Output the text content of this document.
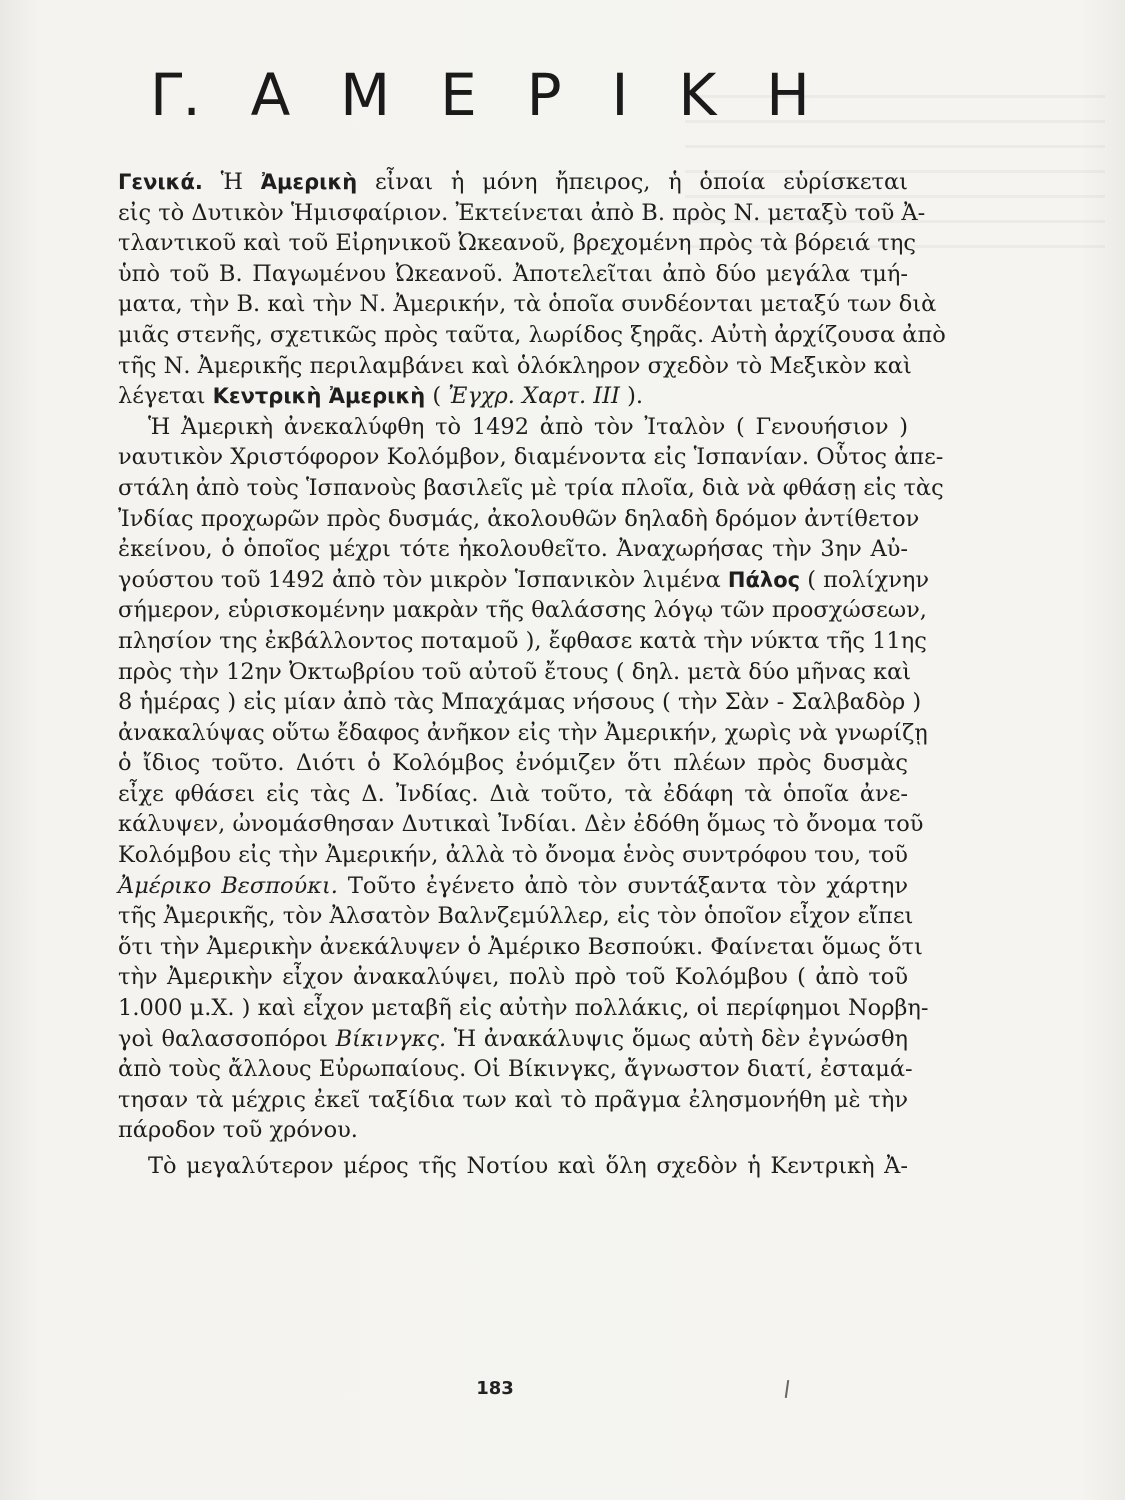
Γ. Α Μ Ε Ρ Ι Κ Η
Γενικά. Ἡ Ἀμερικὴ εἶναι ἡ μόνη ἤπειρος, ἡ ὁποία εὑρίσκεται
εἰς τὸ Δυτικὸν Ἡμισφαίριον. Ἐκτείνεται ἀπὸ Β. πρὸς Ν. μεταξὺ τοῦ Ἀ-
τλαντικοῦ καὶ τοῦ Εἰρηνικοῦ Ὠκεανοῦ, βρεχομένη πρὸς τὰ βόρειά της
ὑπὸ τοῦ Β. Παγωμένου Ὠκεανοῦ. Ἀποτελεῖται ἀπὸ δύο μεγάλα τμή-
ματα, τὴν Β. καὶ τὴν Ν. Ἀμερικήν, τὰ ὁποῖα συνδέονται μεταξύ των διὰ
μιᾶς στενῆς, σχετικῶς πρὸς ταῦτα, λωρίδος ξηρᾶς. Αὐτὴ ἀρχίζουσα ἀπὸ
τῆς Ν. Ἀμερικῆς περιλαμβάνει καὶ ὁλόκληρον σχεδὸν τὸ Μεξικὸν καὶ
λέγεται Κεντρικὴ Ἀμερικὴ ( Ἐγχρ. Χαρτ. ΙΙΙ ).
Ἡ Ἀμερικὴ ἀνεκαλύφθη τὸ 1492 ἀπὸ τὸν Ἰταλὸν ( Γενουήσιον )
ναυτικὸν Χριστόφορον Κολόμβον, διαμένοντα εἰς Ἱσπανίαν. Οὗτος ἀπε-
στάλη ἀπὸ τοὺς Ἱσπανοὺς βασιλεῖς μὲ τρία πλοῖα, διὰ νὰ φθάσῃ εἰς τὰς
Ἰνδίας προχωρῶν πρὸς δυσμάς, ἀκολουθῶν δηλαδὴ δρόμον ἀντίθετον
ἐκείνου, ὁ ὁποῖος μέχρι τότε ἠκολουθεῖτο. Ἀναχωρήσας τὴν 3ην Αὐ-
γούστου τοῦ 1492 ἀπὸ τὸν μικρὸν Ἱσπανικὸν λιμένα Πάλος ( πολίχνην
σήμερον, εὑρισκομένην μακρὰν τῆς θαλάσσης λόγῳ τῶν προσχώσεων,
πλησίον της ἐκβάλλοντος ποταμοῦ ), ἔφθασε κατὰ τὴν νύκτα τῆς 11ης
πρὸς τὴν 12ην Ὀκτωβρίου τοῦ αὐτοῦ ἔτους ( δηλ. μετὰ δύο μῆνας καὶ
8 ἡμέρας ) εἰς μίαν ἀπὸ τὰς Μπαχάμας νήσους ( τὴν Σὰν - Σαλβαδὸρ )
ἀνακαλύψας οὕτω ἔδαφος ἀνῆκον εἰς τὴν Ἀμερικήν, χωρὶς νὰ γνωρίζῃ
ὁ ἴδιος τοῦτο. Διότι ὁ Κολόμβος ἐνόμιζεν ὅτι πλέων πρὸς δυσμὰς
εἶχε φθάσει εἰς τὰς Δ. Ἰνδίας. Διὰ τοῦτο, τὰ ἐδάφη τὰ ὁποῖα ἀνε-
κάλυψεν, ὠνομάσθησαν Δυτικαὶ Ἰνδίαι. Δὲν ἐδόθη ὅμως τὸ ὄνομα τοῦ
Κολόμβου εἰς τὴν Ἀμερικήν, ἀλλὰ τὸ ὄνομα ἑνὸς συντρόφου του, τοῦ
Ἀμέρικο Βεσπούκι. Τοῦτο ἐγένετο ἀπὸ τὸν συντάξαντα τὸν χάρτην
τῆς Ἀμερικῆς, τὸν Ἀλσατὸν Βαλνζεμύλλερ, εἰς τὸν ὁποῖον εἶχον εἴπει
ὅτι τὴν Ἀμερικὴν ἀνεκάλυψεν ὁ Ἀμέρικο Βεσπούκι. Φαίνεται ὅμως ὅτι
τὴν Ἀμερικὴν εἶχον ἀνακαλύψει, πολὺ πρὸ τοῦ Κολόμβου ( ἀπὸ τοῦ
1.000 μ.Χ. ) καὶ εἶχον μεταβῆ εἰς αὐτὴν πολλάκις, οἱ περίφημοι Νορβη-
γοὶ θαλασσοπόροι Βίκινγκς. Ἡ ἀνακάλυψις ὅμως αὐτὴ δὲν ἐγνώσθη
ἀπὸ τοὺς ἄλλους Εὐρωπαίους. Οἱ Βίκινγκς, ἄγνωστον διατί, ἐσταμά-
τησαν τὰ μέχρις ἐκεῖ ταξίδια των καὶ τὸ πρᾶγμα ἐλησμονήθη μὲ τὴν
πάροδον τοῦ χρόνου.
Τὸ μεγαλύτερον μέρος τῆς Νοτίου καὶ ὅλη σχεδὸν ἡ Κεντρικὴ Ἀ-
183
